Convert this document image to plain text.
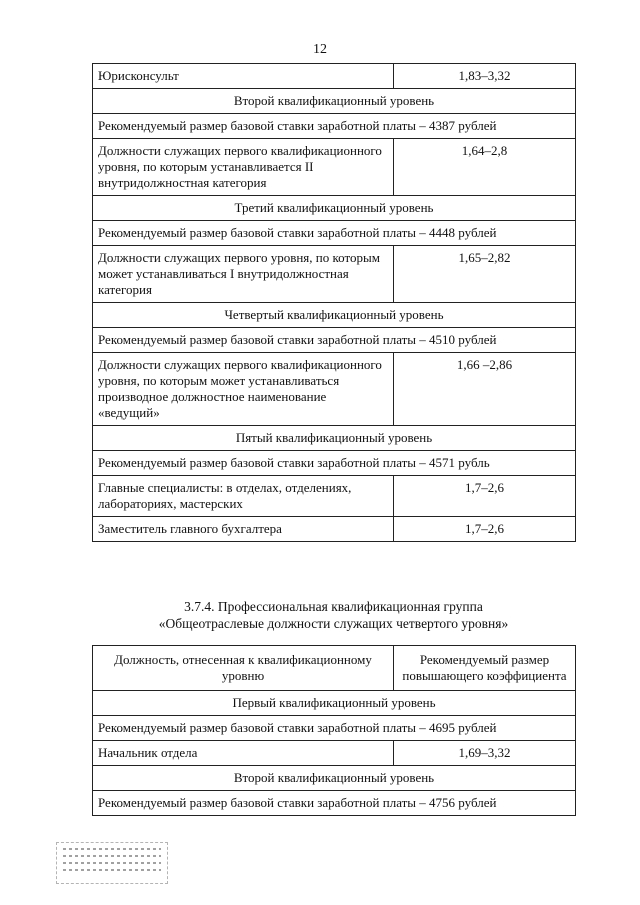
12
Юрисконсульт	1,83–3,32
Второй квалификационный уровень	
Рекомендуемый размер базовой ставки заработной платы – 4387 рублей	
Должности служащих первого квалификационного уровня, по которым устанавливается II внутридолжностная категория	1,64–2,8
Третий квалификационный уровень	
Рекомендуемый размер базовой ставки заработной платы – 4448 рублей	
Должности служащих первого уровня, по которым может устанавливаться I внутридолжностная категория	1,65–2,82
Четвертый квалификационный уровень	
Рекомендуемый размер базовой ставки заработной платы – 4510 рублей	
Должности служащих первого квалификационного уровня, по которым может устанавливаться производное должностное наименование «ведущий»	1,66 –2,86
Пятый квалификационный уровень	
Рекомендуемый размер базовой ставки заработной платы – 4571 рубль	
Главные специалисты: в отделах, отделениях, лабораториях, мастерских	1,7–2,6
Заместитель главного бухгалтера	1,7–2,6
3.7.4. Профессиональная квалификационная группа
«Общеотраслевые должности служащих четвертого уровня»
Должность, отнесенная к квалификационному уровню	Рекомендуемый размер повышающего коэффициента
Первый квалификационный уровень	
Рекомендуемый размер базовой ставки заработной платы – 4695 рублей	
Начальник отдела	1,69–3,32
Второй квалификационный уровень	
Рекомендуемый размер базовой ставки заработной платы – 4756 рублей	
